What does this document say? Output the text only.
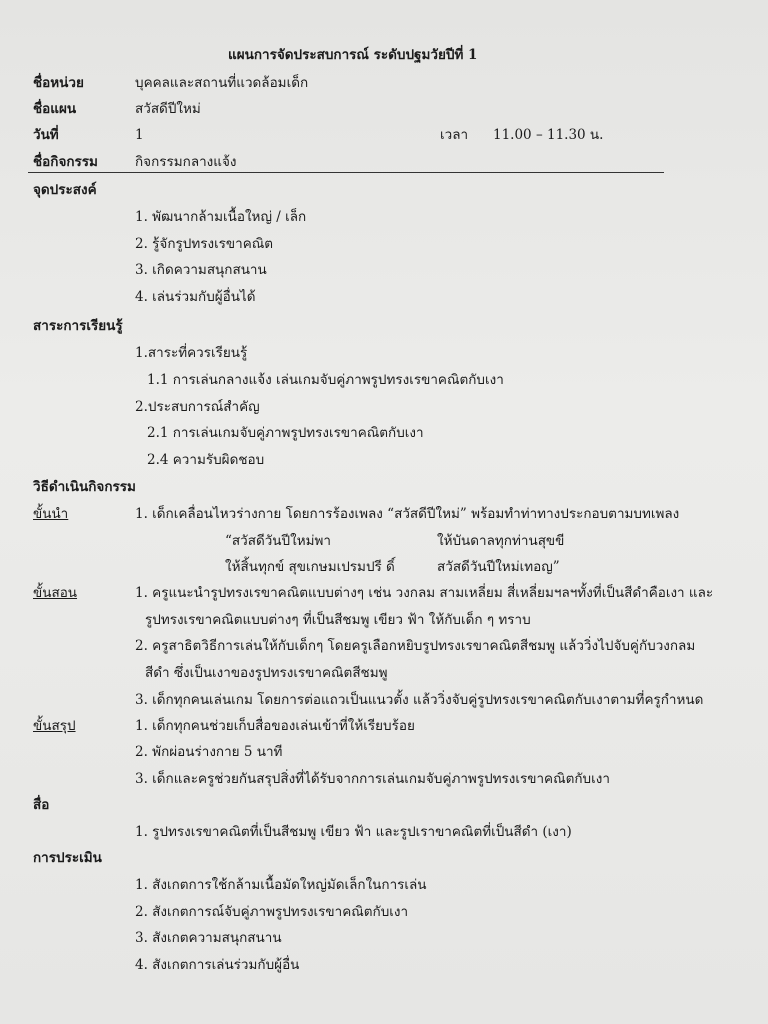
แผนการจัดประสบการณ์ ระดับปฐมวัยปีที่ 1
ชื่อหน่วย	บุคคลและสถานที่แวดล้อมเด็ก
ชื่อแผน	สวัสดีปีใหม่
วันที่	1	เวลา 11.00 – 11.30 น.
ชื่อกิจกรรม	กิจกรรมกลางแจ้ง
จุดประสงค์
1. พัฒนากล้ามเนื้อใหญ่ / เล็ก
2. รู้จักรูปทรงเรขาคณิต
3. เกิดความสนุกสนาน
4. เล่นร่วมกับผู้อื่นได้
สาระการเรียนรู้
1.สาระที่ควรเรียนรู้
1.1 การเล่นกลางแจ้ง เล่นเกมจับคู่ภาพรูปทรงเรขาคณิตกับเงา
2.ประสบการณ์สำคัญ
2.1 การเล่นเกมจับคู่ภาพรูปทรงเรขาคณิตกับเงา
2.4 ความรับผิดชอบ
วิธีดำเนินกิจกรรม
ขั้นนำ	1. เด็กเคลื่อนไหวร่างกาย โดยการร้องเพลง “สวัสดีปีใหม่” พร้อมทำท่าทางประกอบตามบทเพลง
“สวัสดีวันปีใหม่พา	ให้บันดาลทุกท่านสุขขี
ให้สิ้นทุกข์ สุขเกษมเปรมปรี ดิ์	สวัสดีวันปีใหม่เทอญ”
ขั้นสอน	1. ครูแนะนำรูปทรงเรขาคณิตแบบต่างๆ เช่น วงกลม สามเหลี่ยม สี่เหลี่ยมฯลฯทั้งที่เป็นสีดำคือเงา และ
รูปทรงเรขาคณิตแบบต่างๆ ที่เป็นสีชมพู เขียว ฟ้า ให้กับเด็ก ๆ ทราบ
2. ครูสาธิตวิธีการเล่นให้กับเด็กๆ โดยครูเลือกหยิบรูปทรงเรขาคณิตสีชมพู แล้ววิ่งไปจับคู่กับวงกลม
สีดำ ซึ่งเป็นเงาของรูปทรงเรขาคณิตสีชมพู
3. เด็กทุกคนเล่นเกม โดยการต่อแถวเป็นแนวตั้ง แล้ววิ่งจับคู่รูปทรงเรขาคณิตกับเงาตามที่ครูกำหนด
ขั้นสรุป	1. เด็กทุกคนช่วยเก็บสื่อของเล่นเข้าที่ให้เรียบร้อย
2. พักผ่อนร่างกาย 5 นาที
3. เด็กและครูช่วยกันสรุปสิ่งที่ได้รับจากการเล่นเกมจับคู่ภาพรูปทรงเรขาคณิตกับเงา
สื่อ
1. รูปทรงเรขาคณิตที่เป็นสีชมพู เขียว ฟ้า และรูปเราขาคณิตที่เป็นสีดำ (เงา)
การประเมิน
1. สังเกตการใช้กล้ามเนื้อมัดใหญ่มัดเล็กในการเล่น
2. สังเกตการณ์จับคู่ภาพรูปทรงเรขาคณิตกับเงา
3. สังเกตความสนุกสนาน
4. สังเกตการเล่นร่วมกับผู้อื่น
